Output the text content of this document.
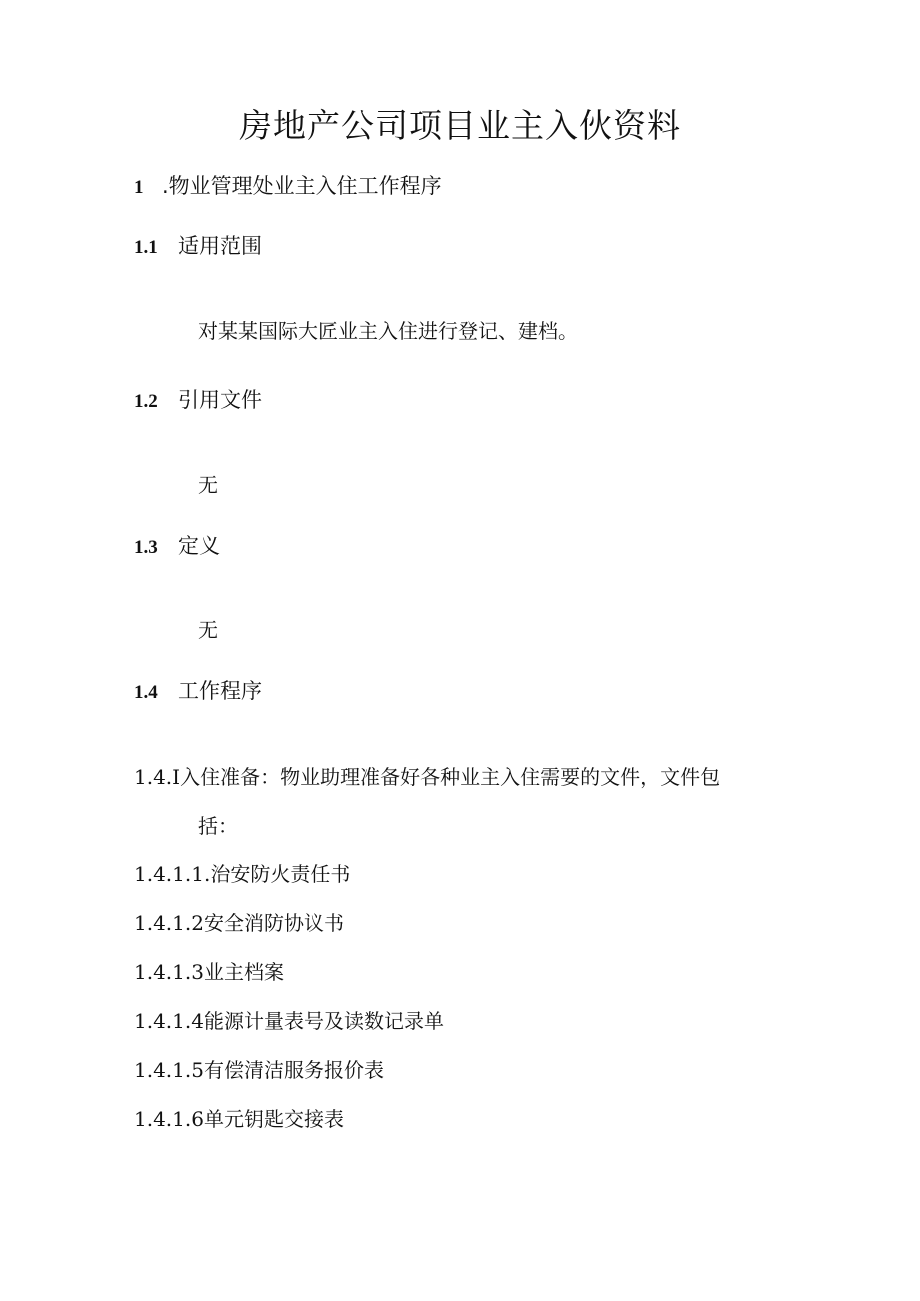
房地产公司项目业主入伙资料
1 .物业管理处业主入住工作程序
1.1 适用范围
对某某国际大匠业主入住进行登记、建档。
1.2 引用文件
无
1.3 定义
无
1.4 工作程序
1.4.I入住准备：物业助理准备好各种业主入住需要的文件，文件包
括：
1.4.1.1.治安防火责任书
1.4.1.2安全消防协议书
1.4.1.3业主档案
1.4.1.4能源计量表号及读数记录单
1.4.1.5有偿清洁服务报价表
1.4.1.6单元钥匙交接表
